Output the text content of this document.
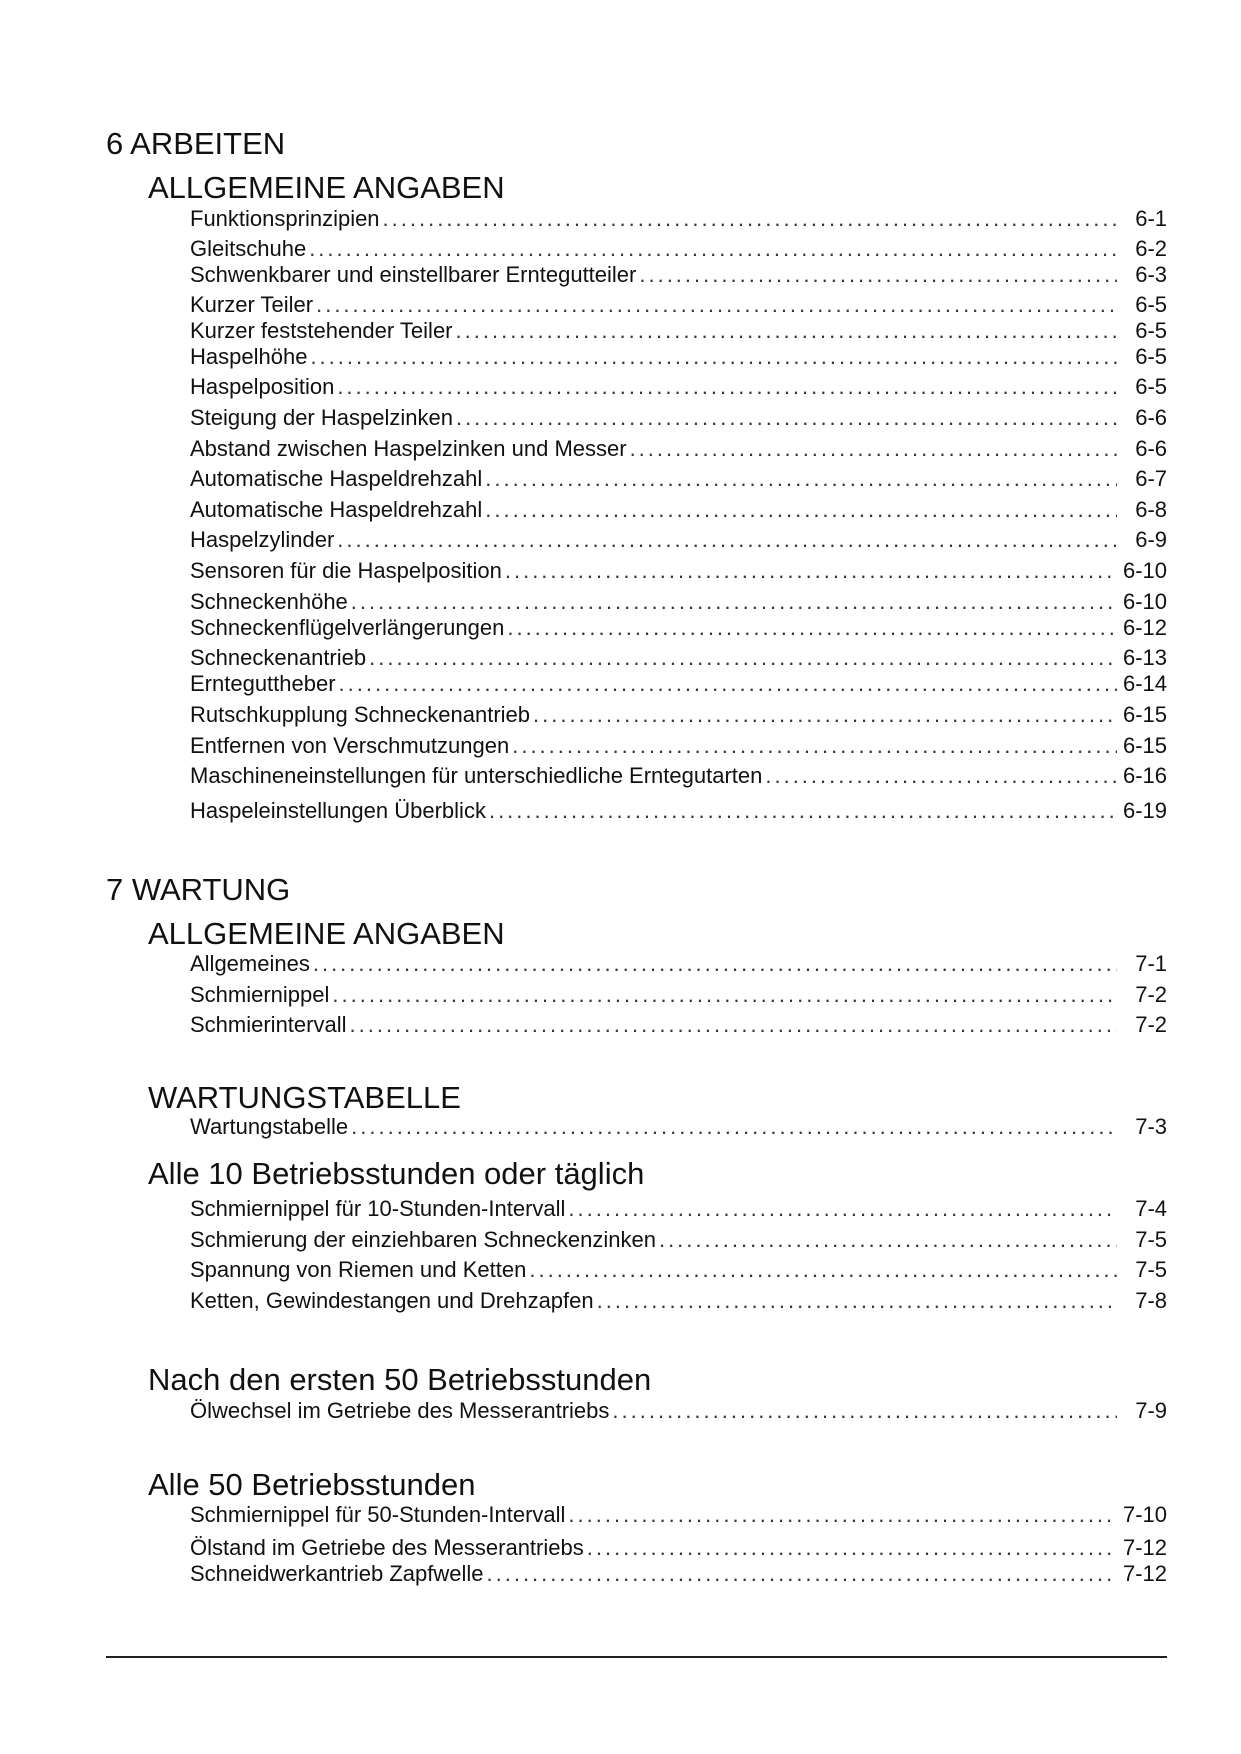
6 ARBEITEN
ALLGEMEINE ANGABEN
Funktionsprinzipien .....	6-1
Gleitschuhe .....	6-2
Schwenkbarer und einstellbarer Erntegutteiler .....	6-3
Kurzer Teiler .....	6-5
Kurzer feststehender Teiler .....	6-5
Haspelhöhe .....	6-5
Haspelposition .....	6-5
Steigung der Haspelzinken .....	6-6
Abstand zwischen Haspelzinken und Messer .....	6-6
Automatische Haspeldrehzahl .....	6-7
Automatische Haspeldrehzahl .....	6-8
Haspelzylinder .....	6-9
Sensoren für die Haspelposition .....	6-10
Schneckenhöhe .....	6-10
Schneckenflügelverlängerungen .....	6-12
Schneckenantrieb .....	6-13
Ernteguttheber .....	6-14
Rutschkupplung Schneckenantrieb .....	6-15
Entfernen von Verschmutzungen .....	6-15
Maschineneinstellungen für unterschiedliche Erntegutarten .....	6-16
Haspeleinstellungen Überblick .....	6-19
7 WARTUNG
ALLGEMEINE ANGABEN
Allgemeines .....	7-1
Schmiernippel .....	7-2
Schmierintervall .....	7-2
WARTUNGSTABELLE
Wartungstabelle .....	7-3
Alle 10 Betriebsstunden oder täglich
Schmiernippel für 10-Stunden-Intervall .....	7-4
Schmierung der einziehbaren Schneckenzinken .....	7-5
Spannung von Riemen und Ketten .....	7-5
Ketten, Gewindestangen und Drehzapfen .....	7-8
Nach den ersten 50 Betriebsstunden
Ölwechsel im Getriebe des Messerantriebs .....	7-9
Alle 50 Betriebsstunden
Schmiernippel für 50-Stunden-Intervall .....	7-10
Ölstand im Getriebe des Messerantriebs .....	7-12
Schneidwerkantrieb Zapfwelle .....	7-12
